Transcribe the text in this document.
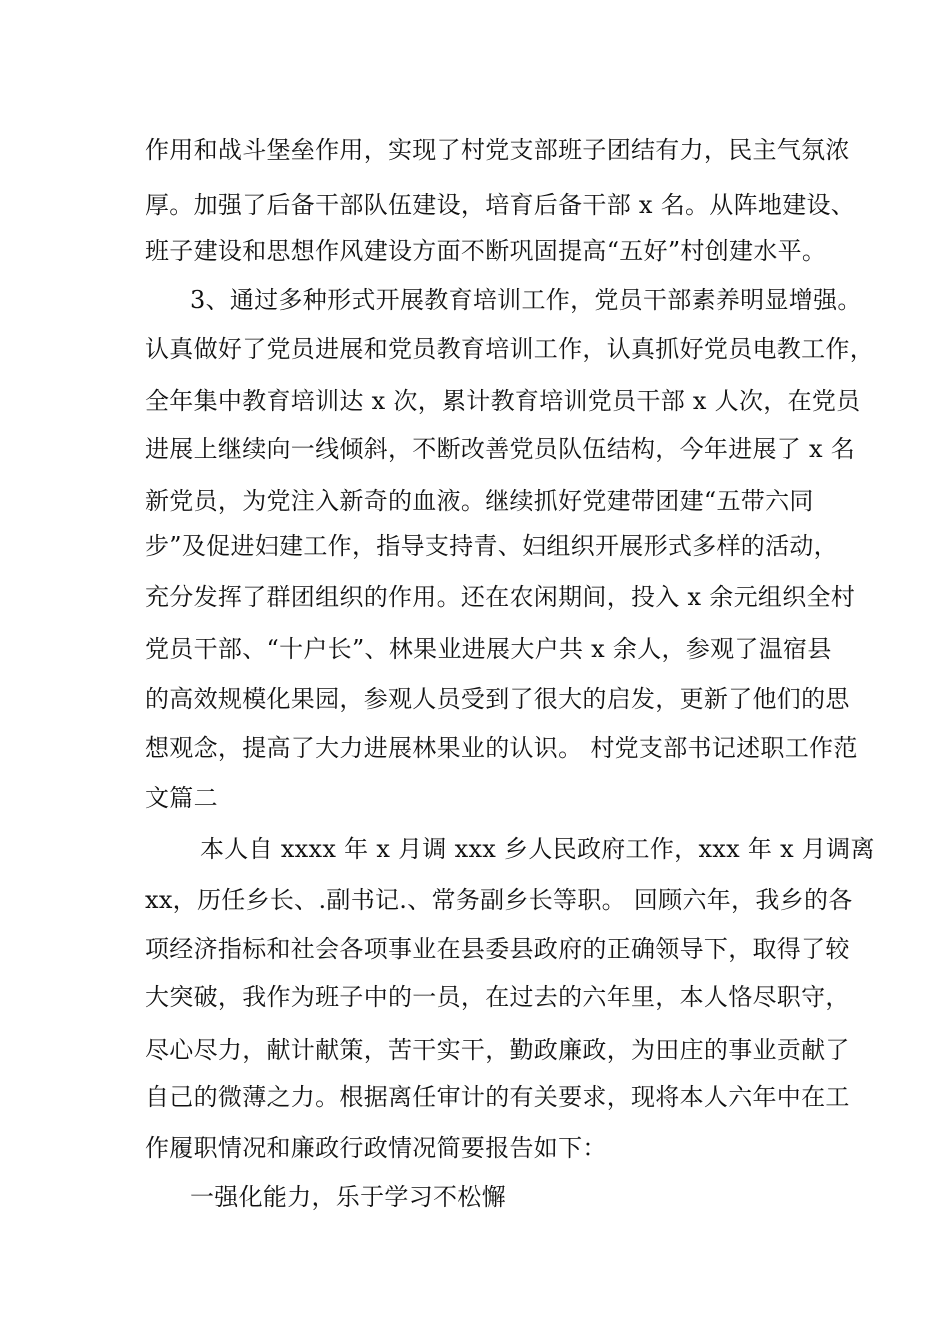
作用和战斗堡垒作用，实现了村党支部班子团结有力，民主气氛浓
厚。加强了后备干部队伍建设，培育后备干部 x 名。从阵地建设、
班子建设和思想作风建设方面不断巩固提高“五好”村创建水平。
3、通过多种形式开展教育培训工作，党员干部素养明显增强。
认真做好了党员进展和党员教育培训工作，认真抓好党员电教工作，
全年集中教育培训达 x 次，累计教育培训党员干部 x 人次，在党员
进展上继续向一线倾斜，不断改善党员队伍结构，今年进展了 x 名
新党员，为党注入新奇的血液。继续抓好党建带团建“五带六同
步”及促进妇建工作，指导支持青、妇组织开展形式多样的活动，
充分发挥了群团组织的作用。还在农闲期间，投入 x 余元组织全村
党员干部、“十户长”、林果业进展大户共 x 余人，参观了温宿县
的高效规模化果园，参观人员受到了很大的启发，更新了他们的思
想观念，提高了大力进展林果业的认识。 村党支部书记述职工作范
文篇二
本人自 xxxx 年 x 月调 xxx 乡人民政府工作，xxx 年 x 月调离
xx，历任乡长、.副书记.、常务副乡长等职。 回顾六年，我乡的各
项经济指标和社会各项事业在县委县政府的正确领导下，取得了较
大突破，我作为班子中的一员，在过去的六年里，本人恪尽职守，
尽心尽力，献计献策，苦干实干，勤政廉政，为田庄的事业贡献了
自己的微薄之力。根据离任审计的有关要求，现将本人六年中在工
作履职情况和廉政行政情况简要报告如下：
一强化能力，乐于学习不松懈
